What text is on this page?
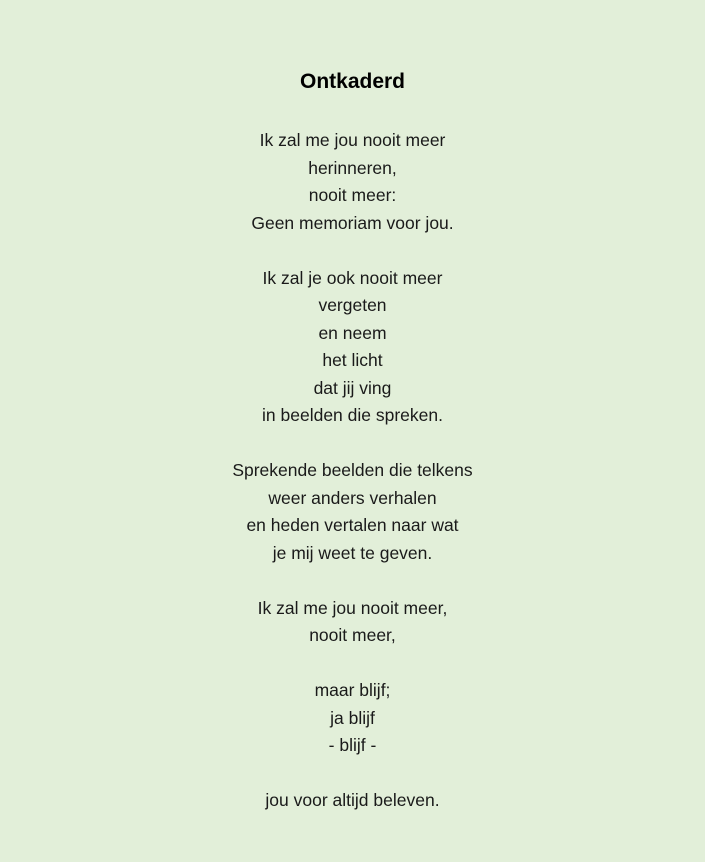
Ontkaderd
Ik zal me jou nooit meer
herinneren,
nooit meer:
Geen memoriam voor jou.
Ik zal je ook nooit meer
vergeten
en neem
het licht
dat jij ving
in beelden die spreken.
Sprekende beelden die telkens
weer anders verhalen
en heden vertalen naar wat
je mij weet te geven.
Ik zal me jou nooit meer,
nooit meer,
maar blijf;
ja blijf
- blijf -
jou voor altijd beleven.
